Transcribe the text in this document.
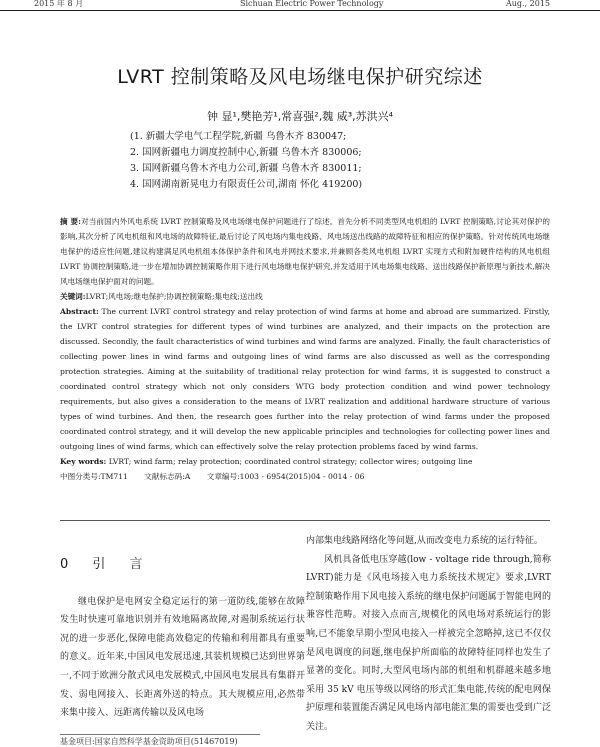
2015 年 8 月	Sichuan Electric Power Technology	Aug., 2015
LVRT 控制策略及风电场继电保护研究综述
钟 显¹,樊艳芳¹,常喜强²,魏 威³,苏洪兴⁴
(1. 新疆大学电气工程学院,新疆 乌鲁木齐 830047;
2. 国网新疆电力调度控制中心,新疆 乌鲁木齐 830006;
3. 国网新疆乌鲁木齐电力公司,新疆 乌鲁木齐 830011;
4. 国网湖南新晃电力有限责任公司,湖南 怀化 419200)

摘 要:对当前国内外风电系统 LVRT 控制策略及风电场继电保护问题进行了综述。首先分析不同类型风电机组的 LVRT 控制策略,讨论其对保护的影响,其次分析了风电机组和风电场的故障特征,最后讨论了风电场内集电线路、风电场送出线路的故障特征和相应的保护策略。针对传统风电场继电保护的适应性问题,建议构建满足风电机组本体保护条件和风电并网技术要求,并兼顾各类风电机组 LVRT 实现方式和附加硬件结构的风电机组 LVRT 协调控制策略,进一步在增加协调控制策略作用下进行风电场继电保护研究,并发适用于风电场集电线路、送出线路保护新原理与新技术,解决风电场继电保护面对的问题。

关键词:LVRT;风电场;继电保护;协调控制策略;集电线;送出线

Abstract: The current LVRT control strategy and relay protection of wind farms at home and abroad are summarized. Firstly, the LVRT control strategies for different types of wind turbines are analyzed, and their impacts on the protection are discussed. Secondly, the fault characteristics of wind turbines and wind farms are analyzed. Finally, the fault characteristics of collecting power lines in wind farms and outgoing lines of wind farms are also discussed as well as the corresponding protection strategies. Aiming at the suitability of traditional relay protection for wind farms, it is suggested to construct a coordinated control strategy which not only considers WTG body protection condition and wind power technology requirements, but also gives a consideration to the means of LVRT realization and additional hardware structure of various types of wind turbines. And then, the research goes further into the relay protection of wind farms under the proposed coordinated control strategy, and it will develop the new applicable principles and technologies for collecting power lines and outgoing lines of wind farms, which can effectively solve the relay protection problems faced by wind farms.

Key words: LVRT; wind farm; relay protection; coordinated control strategy; collector wires; outgoing line

中图分类号:TM711 文献标志码:A 文章编号:1003 - 6954(2015)04 - 0014 - 06

0 引 言

继电保护是电网安全稳定运行的第一道防线,能够在故障发生时快速可靠地识别并有效地隔离故障,对遏制系统运行状况的进一步恶化,保障电能高效稳定的传输和利用都具有重要的意义。近年来,中国风电发展迅速,其装机规模已达到世界第一,不同于欧洲分散式风电发展模式,中国风电发展具有集群开发、弱电网接入、长距离外送的特点。其大规模应用,必然带来集中接入、远距离传输以及风电场

内部集电线路网络化等问题,从而改变电力系统的运行特征。

风机具备低电压穿越(low - voltage ride through,简称 LVRT)能力是《风电场接入电力系统技术规定》要求,LVRT 控制策略作用下风电接入系统的继电保护问题属于智能电网的兼容性范畴。对接入点而言,规模化的风电场对系统运行的影响,已不能象早期小型风电接入一样被完全忽略掉,这已不仅仅是风电调度的问题,继电保护所面临的故障特征同样也发生了显著的变化。同时,大型风电场内部的机组和机群越来越多地采用 35 kV 电压等级以网络的形式汇集电能,传统的配电网保护原理和装置能否满足风电场内部电能汇集的需要也受到广泛关注。

基金项目:国家自然科学基金资助项目(51467019)
